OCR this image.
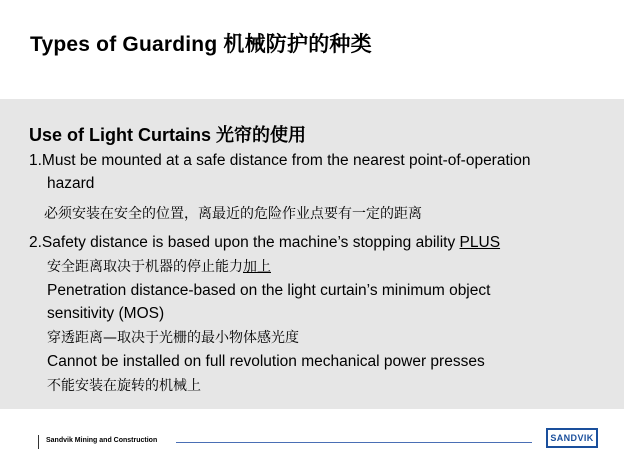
Types of Guarding 机械防护的种类
Use of Light Curtains 光帘的使用
1.Must be mounted at a safe distance from the nearest point-of-operation
hazard
必须安装在安全的位置，离最近的危险作业点要有一定的距离
2.Safety distance is based upon the machine’s stopping ability PLUS
安全距离取决于机器的停止能力加上
Penetration distance-based on the light curtain’s minimum object
sensitivity (MOS)
穿透距离—取决于光栅的最小物体感光度
Cannot be installed on full revolution mechanical power presses
不能安装在旋转的机械上
Sandvik Mining and Construction	SANDVIK
